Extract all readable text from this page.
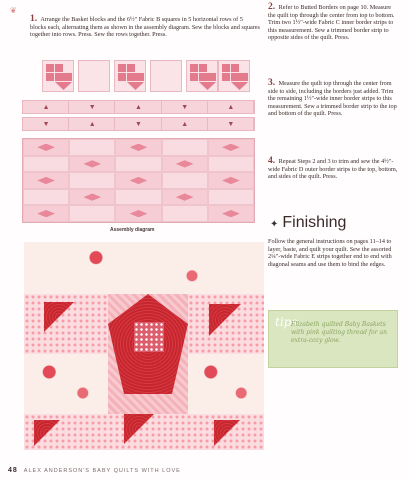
❦
1. Arrange the Basket blocks and the 6½" Fabric B squares in 5 horizontal rows of 5 blocks each, alternating them as shown in the assembly diagram. Sew the blocks and squares together into rows. Press. Sew the rows together. Press.
▲	▼	▲	▼	▲
▼	▲	▼	▲	▼
Assembly diagram
2. Refer to Butted Borders on page 10. Measure the quilt top through the center from top to bottom. Trim two 1½"-wide Fabric C inner border strips to this measurement. Sew a trimmed border strip to opposite sides of the quilt. Press.
3. Measure the quilt top through the center from side to side, including the borders just added. Trim the remaining 1½"-wide inner border strips to this measurement. Sew a trimmed border strip to the top and bottom of the quilt. Press.
4. Repeat Steps 2 and 3 to trim and sew the 4½"-wide Fabric D outer border strips to the top, bottom, and sides of the quilt. Press.
✦ Finishing
Follow the general instructions on pages 11–14 to layer, baste, and quilt your quilt. Sew the assorted 2¼"-wide Fabric E strips together end to end with diagonal seams and use them to bind the edges.
tips
Elizabeth quilted Baby Baskets with pink quilting thread for an extra-cozy glow.
48 ALEX ANDERSON'S BABY QUILTS WITH LOVE
